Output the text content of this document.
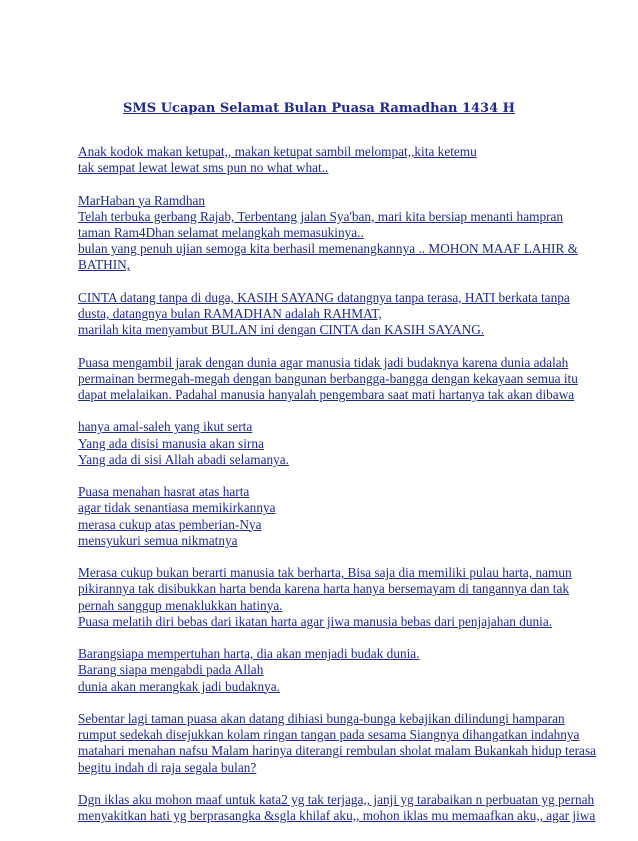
SMS Ucapan Selamat Bulan Puasa Ramadhan 1434 H
Anak kodok makan ketupat,, makan ketupat sambil melompat,,kita ketemu
tak sempat lewat lewat sms pun no what what..
MarHaban ya Ramdhan
Telah terbuka gerbang Rajab, Terbentang jalan Sya'ban, mari kita bersiap menanti hampran
taman Ram4Dhan selamat melangkah memasukinya..
bulan yang penuh ujian semoga kita berhasil memenangkannya .. MOHON MAAF LAHIR &
BATHIN,
CINTA datang tanpa di duga, KASIH SAYANG datangnya tanpa terasa, HATI berkata tanpa
dusta, datangnya bulan RAMADHAN adalah RAHMAT,
marilah kita menyambut BULAN ini dengan CINTA dan KASIH SAYANG.
Puasa mengambil jarak dengan dunia agar manusia tidak jadi budaknya karena dunia adalah
permainan bermegah-megah dengan bangunan berbangga-bangga dengan kekayaan semua itu
dapat melalaikan. Padahal manusia hanyalah pengembara saat mati hartanya tak akan dibawa
hanya amal-saleh yang ikut serta
Yang ada disisi manusia akan sirna
Yang ada di sisi Allah abadi selamanya.
Puasa menahan hasrat atas harta
agar tidak senantiasa memikirkannya
merasa cukup atas pemberian-Nya
mensyukuri semua nikmatnya
Merasa cukup bukan berarti manusia tak berharta, Bisa saja dia memiliki pulau harta, namun
pikirannya tak disibukkan harta benda karena harta hanya bersemayam di tangannya dan tak
pernah sanggup menaklukkan hatinya.
Puasa melatih diri bebas dari ikatan harta agar jiwa manusia bebas dari penjajahan dunia.
Barangsiapa mempertuhan harta, dia akan menjadi budak dunia.
Barang siapa mengabdi pada Allah
dunia akan merangkak jadi budaknya.
Sebentar lagi taman puasa akan datang dihiasi bunga-bunga kebajikan dilindungi hamparan
rumput sedekah disejukkan kolam ringan tangan pada sesama Siangnya dihangatkan indahnya
matahari menahan nafsu Malam harinya diterangi rembulan sholat malam Bukankah hidup terasa
begitu indah di raja segala bulan?
Dgn iklas aku mohon maaf untuk kata2 yg tak terjaga,, janji yg tarabaikan n perbuatan yg pernah
menyakitkan hati yg berprasangka &sgla khilaf aku,, mohon iklas mu memaafkan aku,, agar jiwa
